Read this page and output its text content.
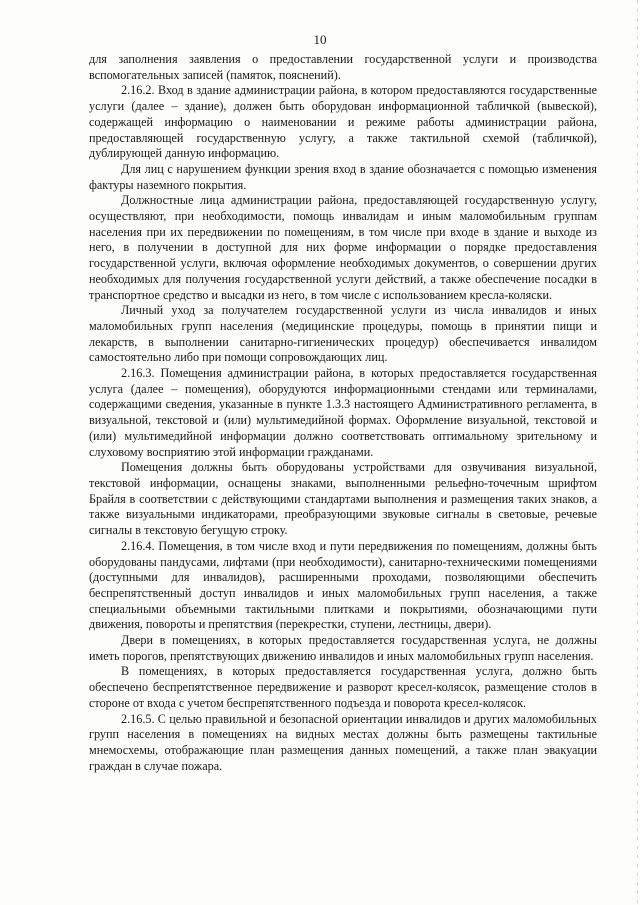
10

для заполнения заявления о предоставлении государственной услуги и производства вспомогательных записей (памяток, пояснений).

2.16.2. Вход в здание администрации района, в котором предоставляются государственные услуги (далее – здание), должен быть оборудован информационной табличкой (вывеской), содержащей информацию о наименовании и режиме работы администрации района, предоставляющей государственную услугу, а также тактильной схемой (табличкой), дублирующей данную информацию.

Для лиц с нарушением функции зрения вход в здание обозначается с помощью изменения фактуры наземного покрытия.

Должностные лица администрации района, предоставляющей государственную услугу, осуществляют, при необходимости, помощь инвалидам и иным маломобильным группам населения при их передвижении по помещениям, в том числе при входе в здание и выходе из него, в получении в доступной для них форме информации о порядке предоставления государственной услуги, включая оформление необходимых документов, о совершении других необходимых для получения государственной услуги действий, а также обеспечение посадки в транспортное средство и высадки из него, в том числе с использованием кресла-коляски.

Личный уход за получателем государственной услуги из числа инвалидов и иных маломобильных групп населения (медицинские процедуры, помощь в принятии пищи и лекарств, в выполнении санитарно-гигиенических процедур) обеспечивается инвалидом самостоятельно либо при помощи сопровождающих лиц.

2.16.3. Помещения администрации района, в которых предоставляется государственная услуга (далее – помещения), оборудуются информационными стендами или терминалами, содержащими сведения, указанные в пункте 1.3.3 настоящего Административного регламента, в визуальной, текстовой и (или) мультимедийной формах. Оформление визуальной, текстовой и (или) мультимедийной информации должно соответствовать оптимальному зрительному и слуховому восприятию этой информации гражданами.

Помещения должны быть оборудованы устройствами для озвучивания визуальной, текстовой информации, оснащены знаками, выполненными рельефно-точечным шрифтом Брайля в соответствии с действующими стандартами выполнения и размещения таких знаков, а также визуальными индикаторами, преобразующими звуковые сигналы в световые, речевые сигналы в текстовую бегущую строку.

2.16.4. Помещения, в том числе вход и пути передвижения по помещениям, должны быть оборудованы пандусами, лифтами (при необходимости), санитарно-техническими помещениями (доступными для инвалидов), расширенными проходами, позволяющими обеспечить беспрепятственный доступ инвалидов и иных маломобильных групп населения, а также специальными объемными тактильными плитками и покрытиями, обозначающими пути движения, повороты и препятствия (перекрестки, ступени, лестницы, двери).

Двери в помещениях, в которых предоставляется государственная услуга, не должны иметь порогов, препятствующих движению инвалидов и иных маломобильных групп населения.

В помещениях, в которых предоставляется государственная услуга, должно быть обеспечено беспрепятственное передвижение и разворот кресел-колясок, размещение столов в стороне от входа с учетом беспрепятственного подъезда и поворота кресел-колясок.

2.16.5. С целью правильной и безопасной ориентации инвалидов и других маломобильных групп населения в помещениях на видных местах должны быть размещены тактильные мнемосхемы, отображающие план размещения данных помещений, а также план эвакуации граждан в случае пожара.
